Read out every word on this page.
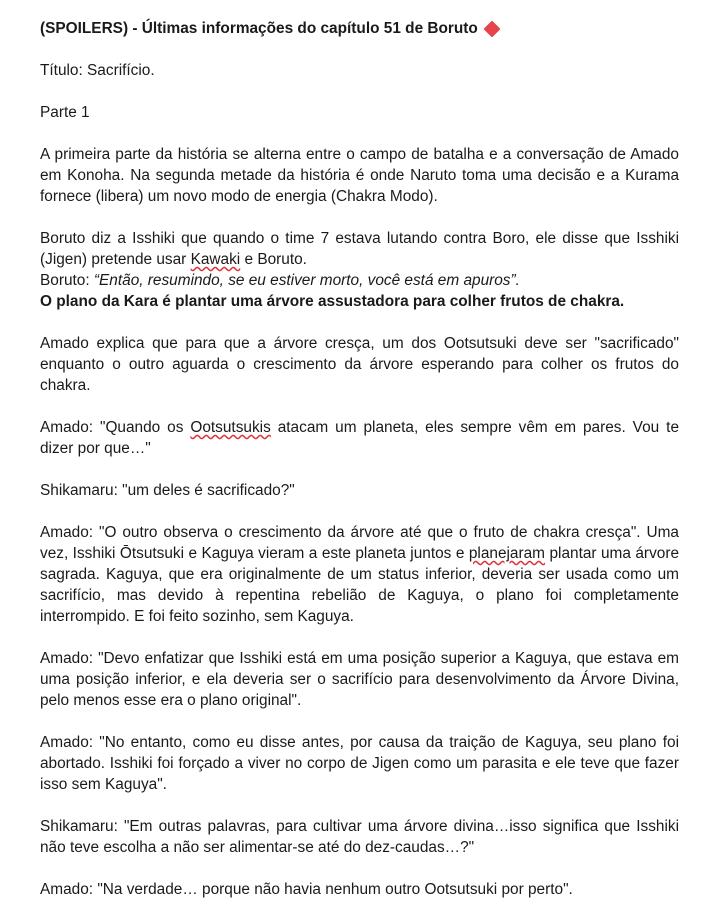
(SPOILERS) - Últimas informações do capítulo 51 de Boruto

Título: Sacrifício.

Parte 1

A primeira parte da história se alterna entre o campo de batalha e a conversação de Amado em Konoha. Na segunda metade da história é onde Naruto toma uma decisão e a Kurama fornece (libera) um novo modo de energia (Chakra Modo).

Boruto diz a Isshiki que quando o time 7 estava lutando contra Boro, ele disse que Isshiki (Jigen) pretende usar Kawaki e Boruto.

Boruto: “Então, resumindo, se eu estiver morto, você está em apuros”.

O plano da Kara é plantar uma árvore assustadora para colher frutos de chakra.

Amado explica que para que a árvore cresça, um dos Ootsutsuki deve ser "sacrificado" enquanto o outro aguarda o crescimento da árvore esperando para colher os frutos do chakra.

Amado: "Quando os Ootsutsukis atacam um planeta, eles sempre vêm em pares. Vou te dizer por que…"

Shikamaru: "um deles é sacrificado?"

Amado: "O outro observa o crescimento da árvore até que o fruto de chakra cresça". Uma vez, Isshiki Ōtsutsuki e Kaguya vieram a este planeta juntos e planejaram plantar uma árvore sagrada. Kaguya, que era originalmente de um status inferior, deveria ser usada como um sacrifício, mas devido à repentina rebelião de Kaguya, o plano foi completamente interrompido. E foi feito sozinho, sem Kaguya.

Amado: "Devo enfatizar que Isshiki está em uma posição superior a Kaguya, que estava em uma posição inferior, e ela deveria ser o sacrifício para desenvolvimento da Árvore Divina, pelo menos esse era o plano original".

Amado: "No entanto, como eu disse antes, por causa da traição de Kaguya, seu plano foi abortado. Isshiki foi forçado a viver no corpo de Jigen como um parasita e ele teve que fazer isso sem Kaguya".

Shikamaru: "Em outras palavras, para cultivar uma árvore divina…isso significa que Isshiki não teve escolha a não ser alimentar-se até do dez-caudas…?"

Amado: "Na verdade… porque não havia nenhum outro Ootsutsuki por perto".
